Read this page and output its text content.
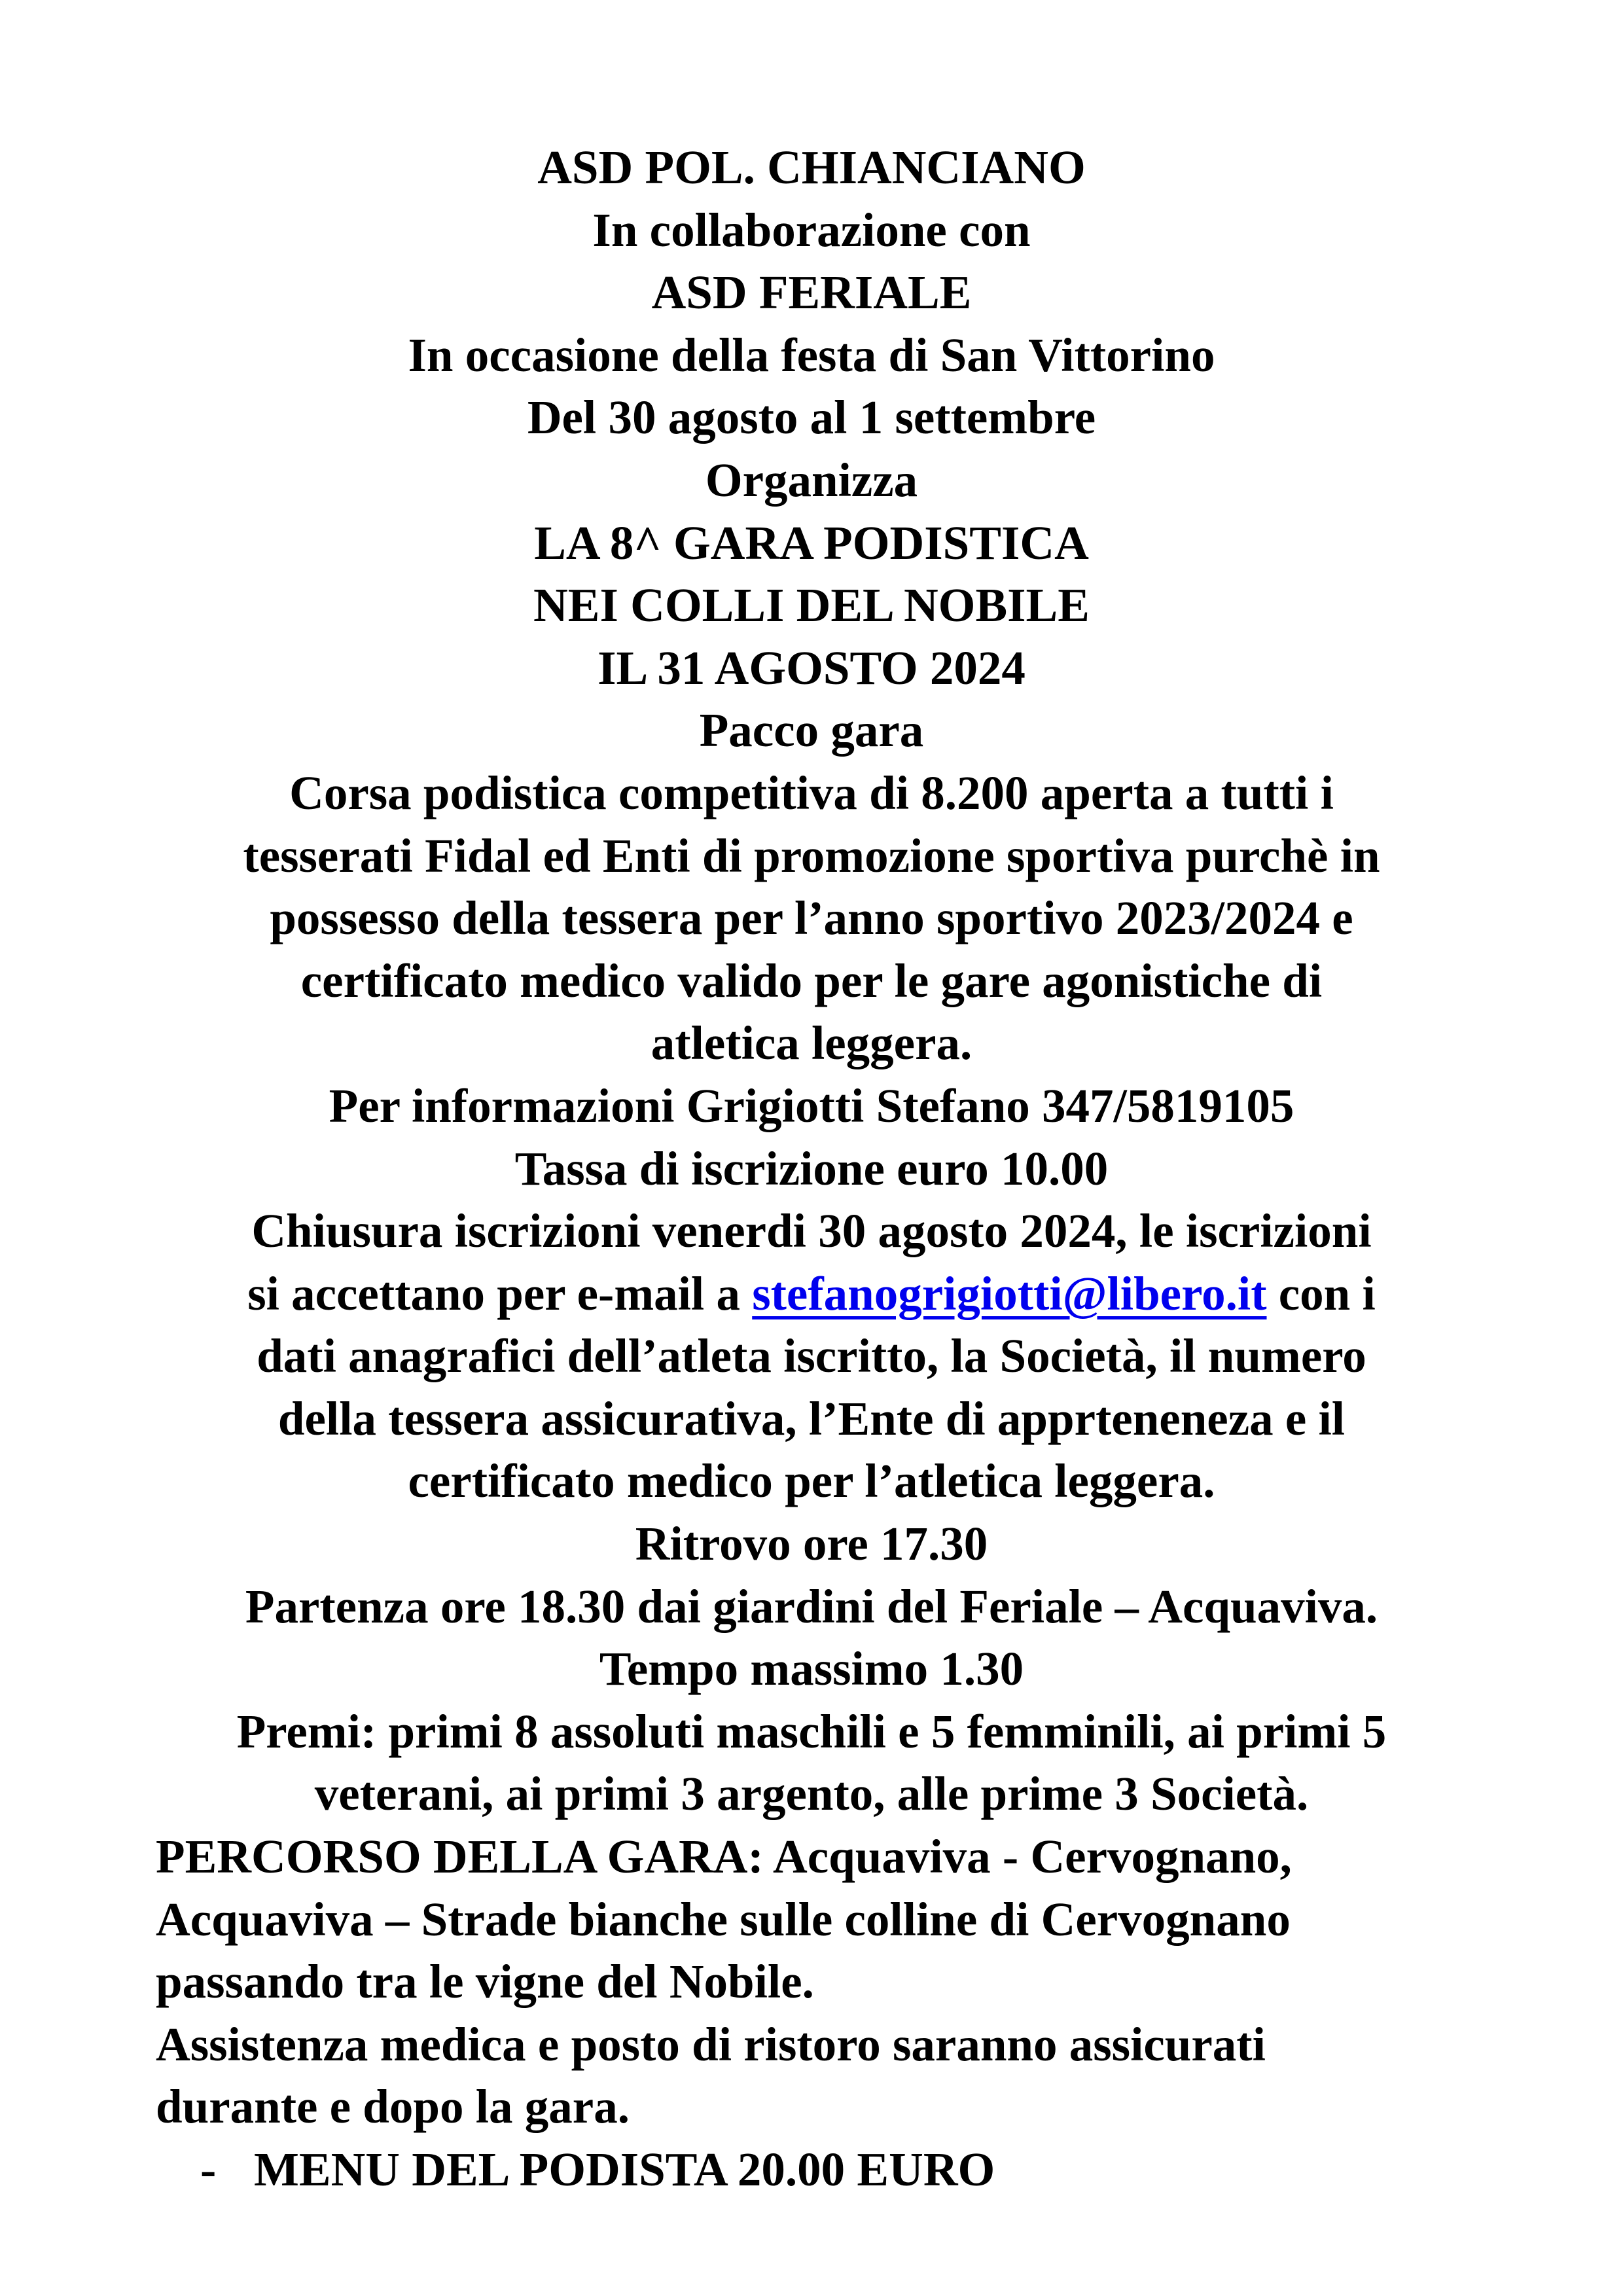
ASD POL. CHIANCIANO
In collaborazione con
ASD FERIALE
In occasione della festa di San Vittorino
Del 30 agosto al 1 settembre
Organizza
LA 8^ GARA PODISTICA
NEI COLLI DEL NOBILE
IL 31 AGOSTO 2024
Pacco gara
Corsa podistica competitiva di 8.200 aperta a tutti i
tesserati Fidal ed Enti di promozione sportiva purchè in
possesso della tessera per l’anno sportivo 2023/2024 e
certificato medico valido per le gare agonistiche di
atletica leggera.
Per informazioni Grigiotti Stefano 347/5819105
Tassa di iscrizione euro 10.00
Chiusura iscrizioni venerdi 30 agosto 2024, le iscrizioni
si accettano per e-mail a stefanogrigiotti@libero.it con i
dati anagrafici dell’atleta iscritto, la Società, il numero
della tessera assicurativa, l’Ente di apprteneneza e il
certificato medico per l’atletica leggera.
Ritrovo ore 17.30
Partenza ore 18.30 dai giardini del Feriale – Acquaviva.
Tempo massimo 1.30
Premi: primi 8 assoluti maschili e 5 femminili, ai primi 5
veterani, ai primi 3 argento, alle prime 3 Società.
PERCORSO DELLA GARA: Acquaviva - Cervognano,
Acquaviva – Strade bianche sulle colline di Cervognano
passando tra le vigne del Nobile.
Assistenza medica e posto di ristoro saranno assicurati
durante e dopo la gara.
- MENU DEL PODISTA 20.00 EURO
